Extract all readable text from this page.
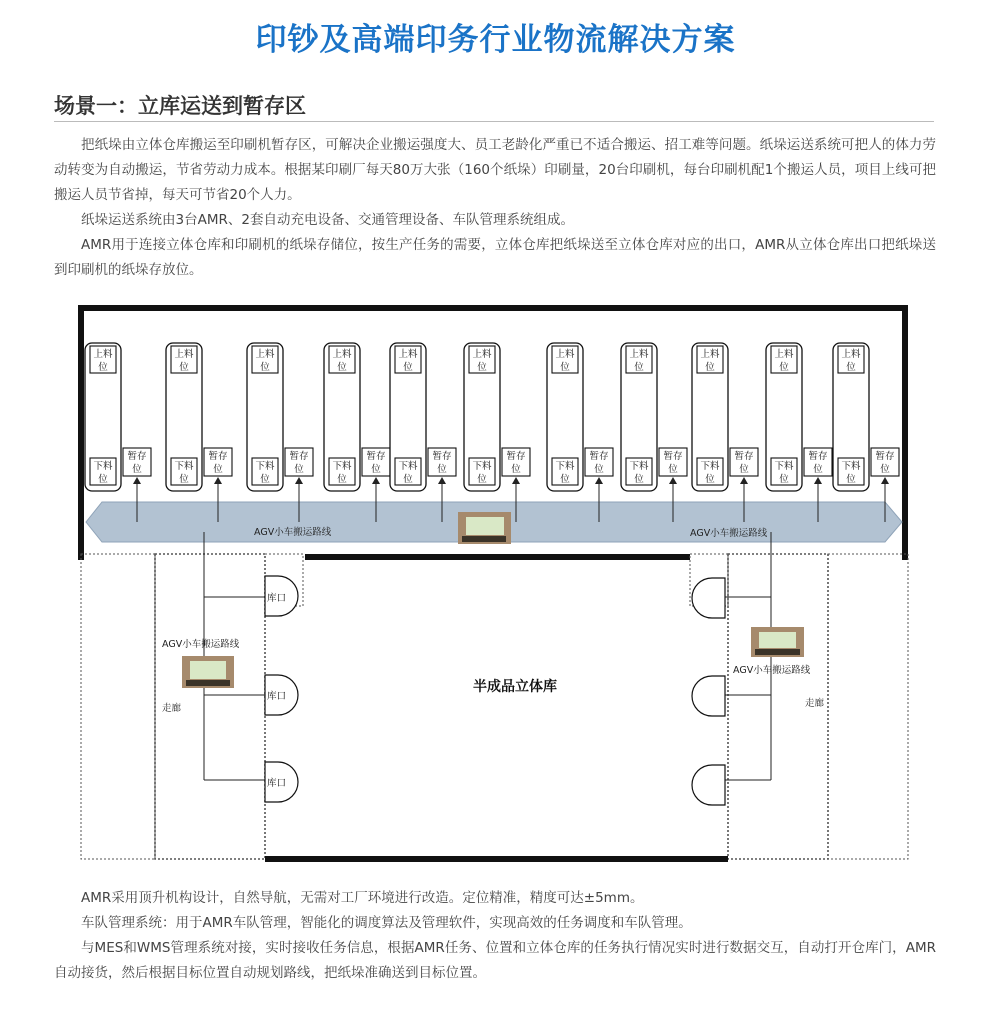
印钞及高端印务行业物流解决方案
场景一：立库运送到暂存区

把纸垛由立体仓库搬运至印刷机暂存区，可解决企业搬运强度大、员工老龄化严重已不适合搬运、招工难等问题。纸垛运送系统可把人的体力劳动转变为自动搬运，节省劳动力成本。根据某印刷厂每天80万大张（160个纸垛）印刷量，20台印刷机，每台印刷机配1个搬运人员，项目上线可把搬运人员节省掉，每天可节省20个人力。

纸垛运送系统由3台AMR、2套自动充电设备、交通管理设备、车队管理系统组成。

AMR用于连接立体仓库和印刷机的纸垛存储位，按生产任务的需要，立体仓库把纸垛送至立体仓库对应的出口，AMR从立体仓库出口把纸垛送到印刷机的纸垛存放位。

上料
位
下料
位
暂存
位
上料
位
下料
位
暂存
位
上料
位
下料
位
暂存
位
上料
位
下料
位
暂存
位
上料
位
下料
位
暂存
位
上料
位
下料
位
暂存
位
上料
位
下料
位
暂存
位
上料
位
下料
位
暂存
位
上料
位
下料
位
暂存
位
上料
位
下料
位
暂存
位
上料
位
下料
位
暂存
位
AGV小车搬运路线	AGV小车搬运路线
AGV小车搬运路线
AGV小车搬运路线
库口
库口
库口
走廊	走廊
半成品立体库

AMR采用顶升机构设计，自然导航，无需对工厂环境进行改造。定位精准，精度可达±5mm。

车队管理系统：用于AMR车队管理，智能化的调度算法及管理软件，实现高效的任务调度和车队管理。

与MES和WMS管理系统对接，实时接收任务信息，根据AMR任务、位置和立体仓库的任务执行情况实时进行数据交互，自动打开仓库门，AMR自动接货，然后根据目标位置自动规划路线，把纸垛准确送到目标位置。
